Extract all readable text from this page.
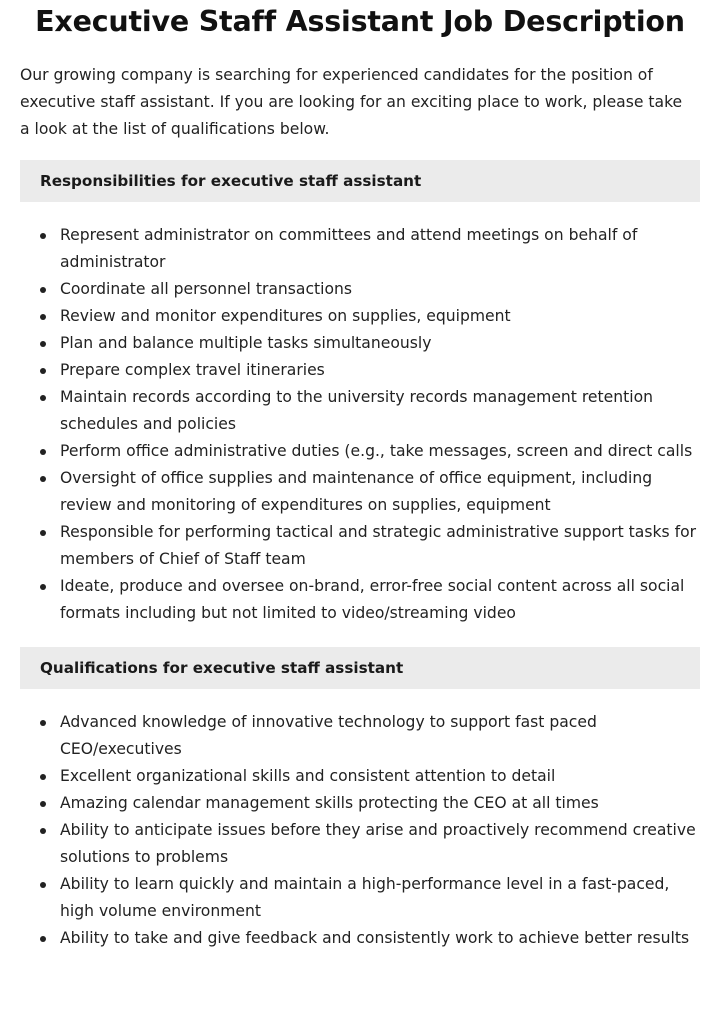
Executive Staff Assistant Job Description

Our growing company is searching for experienced candidates for the position of executive staff assistant. If you are looking for an exciting place to work, please take a look at the list of qualifications below.

Responsibilities for executive staff assistant
Represent administrator on committees and attend meetings on behalf of administrator
Coordinate all personnel transactions
Review and monitor expenditures on supplies, equipment
Plan and balance multiple tasks simultaneously
Prepare complex travel itineraries
Maintain records according to the university records management retention schedules and policies
Perform office administrative duties (e.g., take messages, screen and direct calls
Oversight of office supplies and maintenance of office equipment, including review and monitoring of expenditures on supplies, equipment
Responsible for performing tactical and strategic administrative support tasks for members of Chief of Staff team
Ideate, produce and oversee on-brand, error-free social content across all social formats including but not limited to video/streaming video
Qualifications for executive staff assistant
Advanced knowledge of innovative technology to support fast paced CEO/executives
Excellent organizational skills and consistent attention to detail
Amazing calendar management skills protecting the CEO at all times
Ability to anticipate issues before they arise and proactively recommend creative solutions to problems
Ability to learn quickly and maintain a high-performance level in a fast-paced, high volume environment
Ability to take and give feedback and consistently work to achieve better results
